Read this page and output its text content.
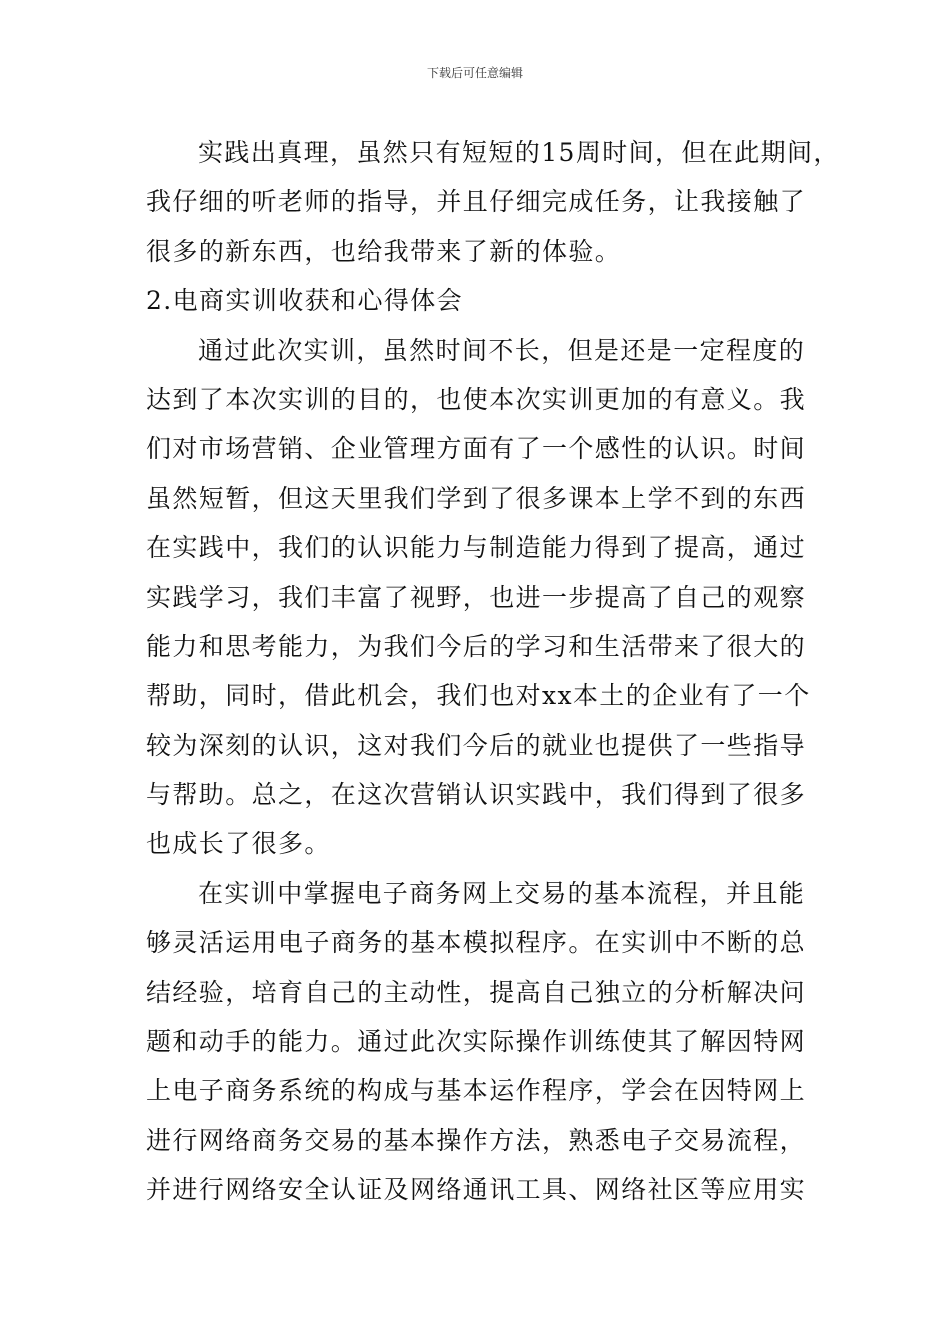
下载后可任意编辑
实践出真理，虽然只有短短的15周时间，但在此期间，
我仔细的听老师的指导，并且仔细完成任务，让我接触了
很多的新东西，也给我带来了新的体验。
2.电商实训收获和心得体会
通过此次实训，虽然时间不长，但是还是一定程度的
达到了本次实训的目的，也使本次实训更加的有意义。我
们对市场营销、企业管理方面有了一个感性的认识。时间
虽然短暂，但这天里我们学到了很多课本上学不到的东西
在实践中，我们的认识能力与制造能力得到了提高，通过
实践学习，我们丰富了视野，也进一步提高了自己的观察
能力和思考能力，为我们今后的学习和生活带来了很大的
帮助，同时，借此机会，我们也对xx本土的企业有了一个
较为深刻的认识，这对我们今后的就业也提供了一些指导
与帮助。总之，在这次营销认识实践中，我们得到了很多
也成长了很多。
在实训中掌握电子商务网上交易的基本流程，并且能
够灵活运用电子商务的基本模拟程序。在实训中不断的总
结经验，培育自己的主动性，提高自己独立的分析解决问
题和动手的能力。通过此次实际操作训练使其了解因特网
上电子商务系统的构成与基本运作程序，学会在因特网上
进行网络商务交易的基本操作方法，熟悉电子交易流程，
并进行网络安全认证及网络通讯工具、网络社区等应用实
